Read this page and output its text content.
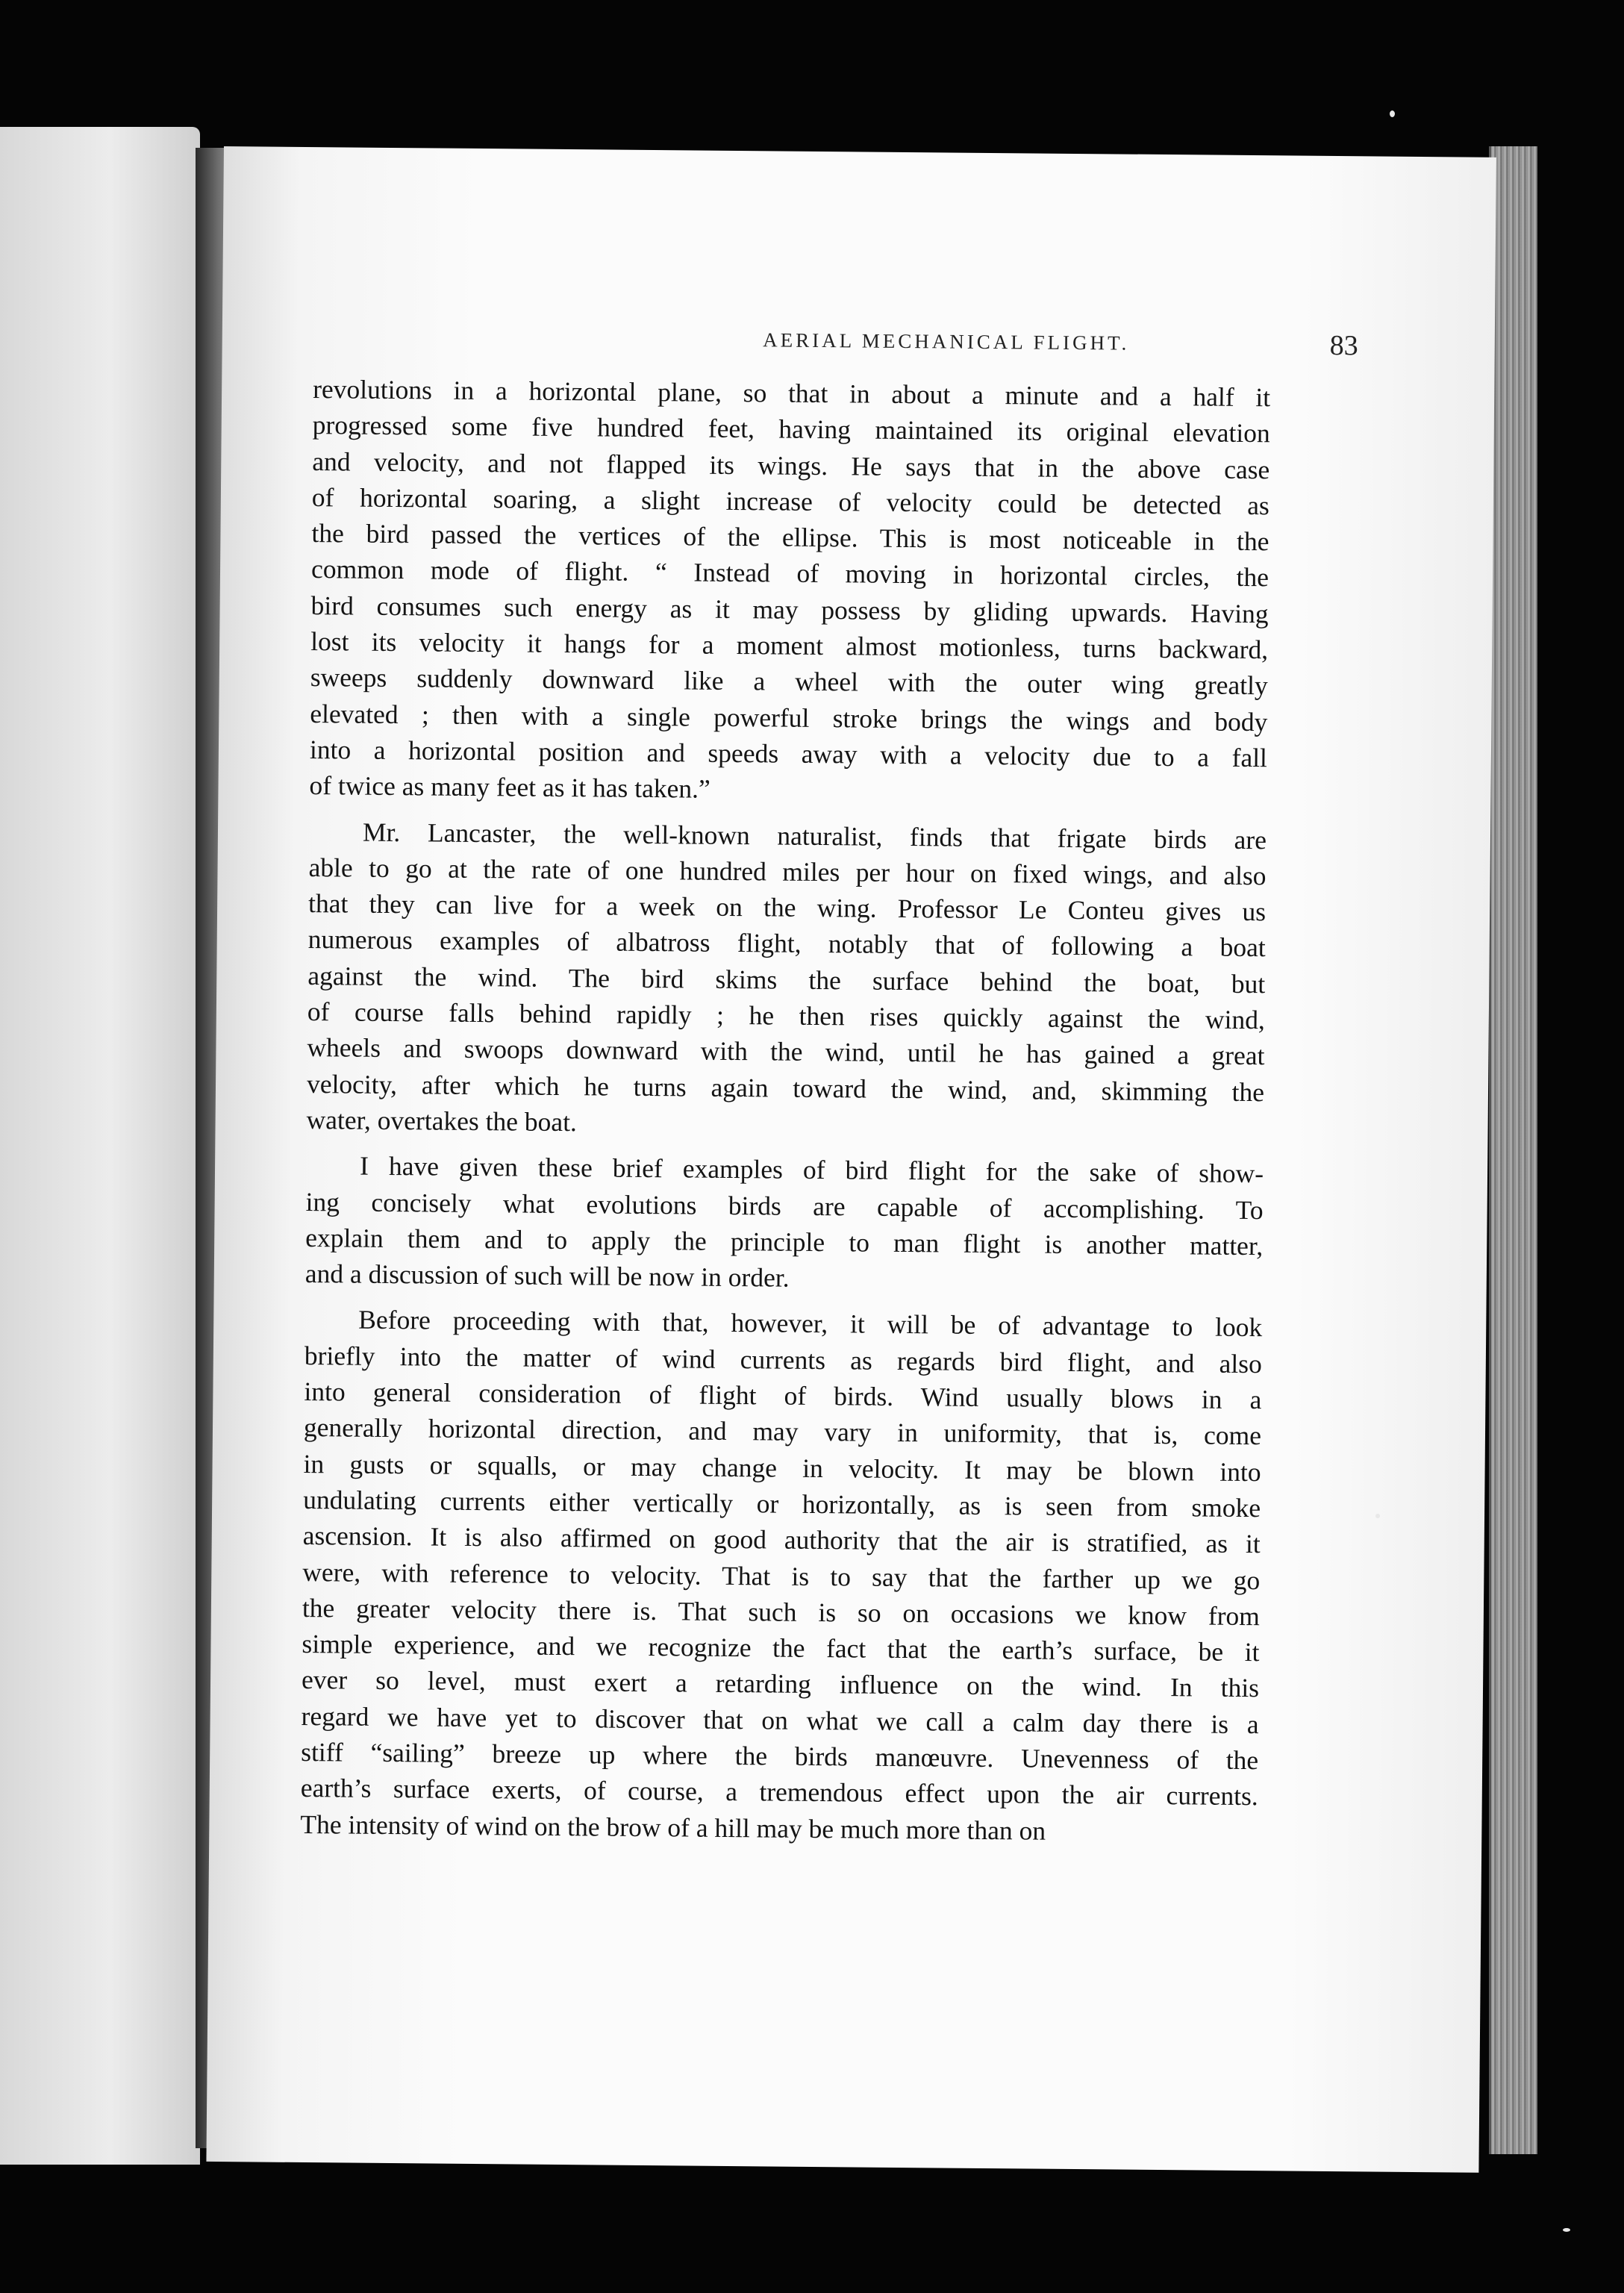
AERIAL MECHANICAL FLIGHT.	83
revolutions in a horizontal plane, so that in about a minute and a half it
progressed some five hundred feet, having maintained its original elevation
and velocity, and not flapped its wings. He says that in the above case
of horizontal soaring, a slight increase of velocity could be detected as
the bird passed the vertices of the ellipse. This is most noticeable in the
common mode of flight. “ Instead of moving in horizontal circles, the
bird consumes such energy as it may possess by gliding upwards. Having
lost its velocity it hangs for a moment almost motionless, turns backward,
sweeps suddenly downward like a wheel with the outer wing greatly
elevated ; then with a single powerful stroke brings the wings and body
into a horizontal position and speeds away with a velocity due to a fall
of twice as many feet as it has taken.”
Mr. Lancaster, the well-known naturalist, finds that frigate birds are
able to go at the rate of one hundred miles per hour on fixed wings, and also
that they can live for a week on the wing. Professor Le Conteu gives us
numerous examples of albatross flight, notably that of following a boat
against the wind. The bird skims the surface behind the boat, but
of course falls behind rapidly ; he then rises quickly against the wind,
wheels and swoops downward with the wind, until he has gained a great
velocity, after which he turns again toward the wind, and, skimming the
water, overtakes the boat.
I have given these brief examples of bird flight for the sake of show-
ing concisely what evolutions birds are capable of accomplishing. To
explain them and to apply the principle to man flight is another matter,
and a discussion of such will be now in order.
Before proceeding with that, however, it will be of advantage to look
briefly into the matter of wind currents as regards bird flight, and also
into general consideration of flight of birds. Wind usually blows in a
generally horizontal direction, and may vary in uniformity, that is, come
in gusts or squalls, or may change in velocity. It may be blown into
undulating currents either vertically or horizontally, as is seen from smoke
ascension. It is also affirmed on good authority that the air is stratified, as it
were, with reference to velocity. That is to say that the farther up we go
the greater velocity there is. That such is so on occasions we know from
simple experience, and we recognize the fact that the earth’s surface, be it
ever so level, must exert a retarding influence on the wind. In this
regard we have yet to discover that on what we call a calm day there is a
stiff “sailing” breeze up where the birds manœuvre. Unevenness of the
earth’s surface exerts, of course, a tremendous effect upon the air currents.
The intensity of wind on the brow of a hill may be much more than on
